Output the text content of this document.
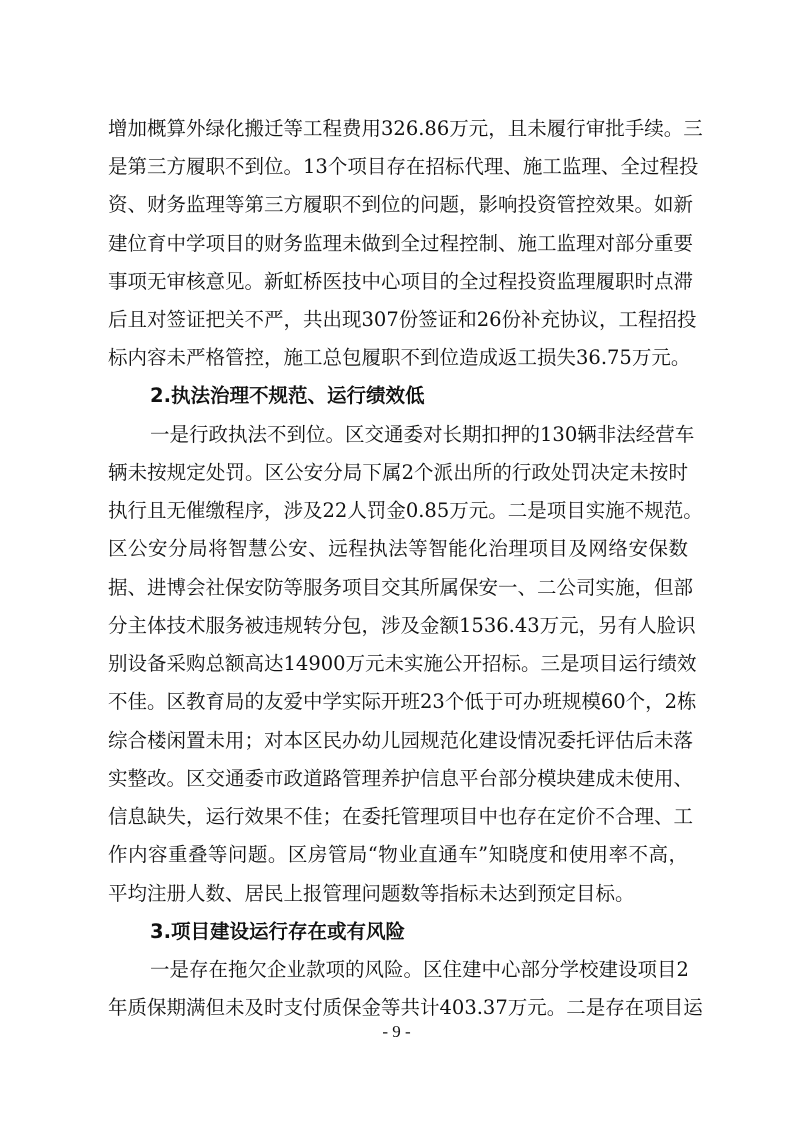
增加概算外绿化搬迁等工程费用326.86万元，且未履行审批手续。三
是第三方履职不到位。13个项目存在招标代理、施工监理、全过程投
资、财务监理等第三方履职不到位的问题，影响投资管控效果。如新
建位育中学项目的财务监理未做到全过程控制、施工监理对部分重要
事项无审核意见。新虹桥医技中心项目的全过程投资监理履职时点滞
后且对签证把关不严，共出现307份签证和26份补充协议，工程招投
标内容未严格管控，施工总包履职不到位造成返工损失36.75万元。
2.执法治理不规范、运行绩效低
一是行政执法不到位。区交通委对长期扣押的130辆非法经营车
辆未按规定处罚。区公安分局下属2个派出所的行政处罚决定未按时
执行且无催缴程序，涉及22人罚金0.85万元。二是项目实施不规范。
区公安分局将智慧公安、远程执法等智能化治理项目及网络安保数
据、进博会社保安防等服务项目交其所属保安一、二公司实施，但部
分主体技术服务被违规转分包，涉及金额1536.43万元，另有人脸识
别设备采购总额高达14900万元未实施公开招标。三是项目运行绩效
不佳。区教育局的友爱中学实际开班23个低于可办班规模60个，2栋
综合楼闲置未用；对本区民办幼儿园规范化建设情况委托评估后未落
实整改。区交通委市政道路管理养护信息平台部分模块建成未使用、
信息缺失，运行效果不佳；在委托管理项目中也存在定价不合理、工
作内容重叠等问题。区房管局“物业直通车”知晓度和使用率不高，
平均注册人数、居民上报管理问题数等指标未达到预定目标。
3.项目建设运行存在或有风险
一是存在拖欠企业款项的风险。区住建中心部分学校建设项目2
年质保期满但未及时支付质保金等共计403.37万元。二是存在项目运
- 9 -
